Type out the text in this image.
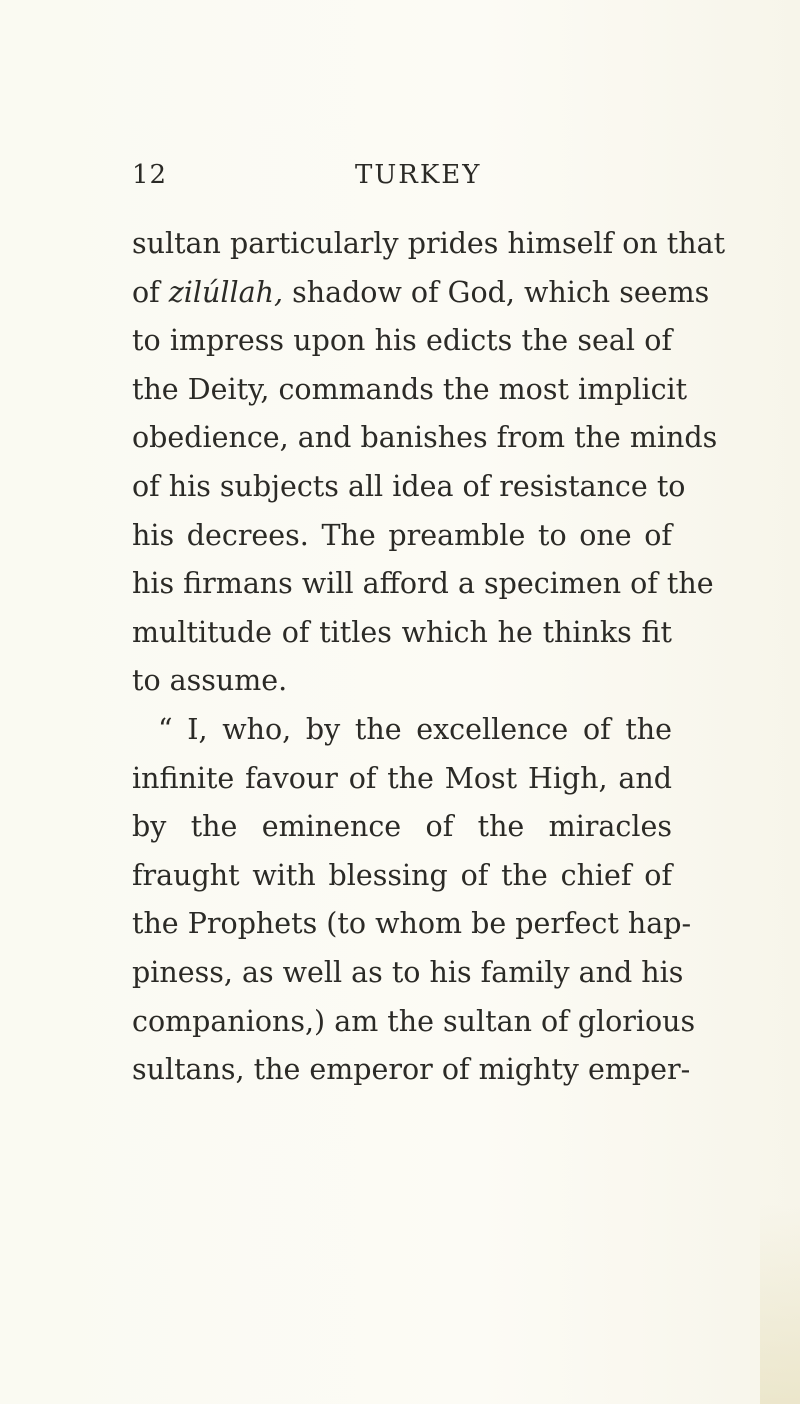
12	TURKEY
sultan particularly prides himself on that
of zilúllah, shadow of God, which seems
to impress upon his edicts the seal of
the Deity, commands the most implicit
obedience, and banishes from the minds
of his subjects all idea of resistance to
his decrees. The preamble to one of
his firmans will afford a specimen of the
multitude of titles which he thinks fit
to assume.
“ I, who, by the excellence of the
infinite favour of the Most High, and
by the eminence of the miracles
fraught with blessing of the chief of
the Prophets (to whom be perfect hap-
piness, as well as to his family and his
companions,) am the sultan of glorious
sultans, the emperor of mighty emper-
